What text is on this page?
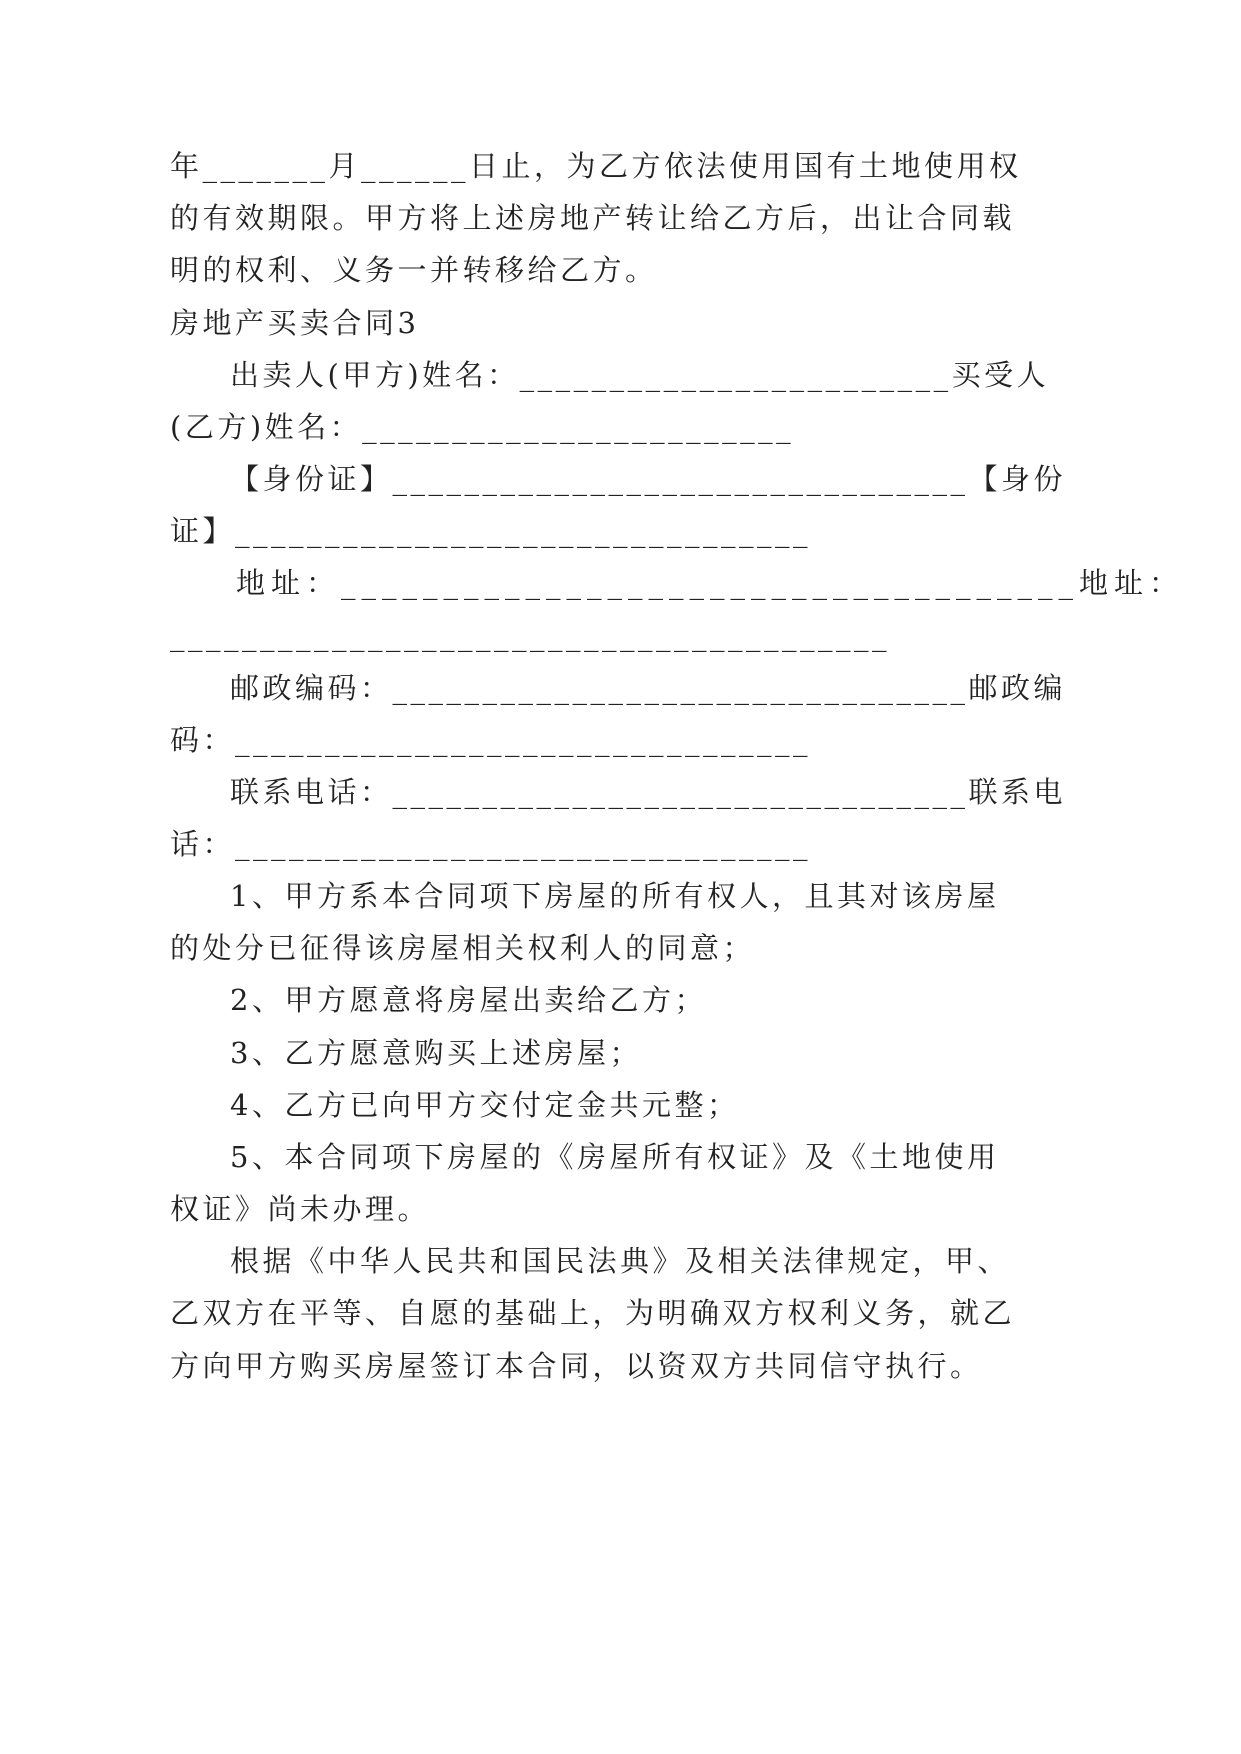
年_______月______日止，为乙方依法使用国有土地使用权
的有效期限。甲方将上述房地产转让给乙方后，出让合同载
明的权利、义务一并转移给乙方。
房地产买卖合同3
出卖人(甲方)姓名：________________________买受人
(乙方)姓名：________________________
【身份证】________________________________【身份
证】________________________________
地址：____________________________________地址：
________________________________________
邮政编码：________________________________邮政编
码：________________________________
联系电话：________________________________联系电
话：________________________________
1、甲方系本合同项下房屋的所有权人，且其对该房屋
的处分已征得该房屋相关权利人的同意；
2、甲方愿意将房屋出卖给乙方；
3、乙方愿意购买上述房屋；
4、乙方已向甲方交付定金共元整；
5、本合同项下房屋的《房屋所有权证》及《土地使用
权证》尚未办理。
根据《中华人民共和国民法典》及相关法律规定，甲、
乙双方在平等、自愿的基础上，为明确双方权利义务，就乙
方向甲方购买房屋签订本合同，以资双方共同信守执行。
